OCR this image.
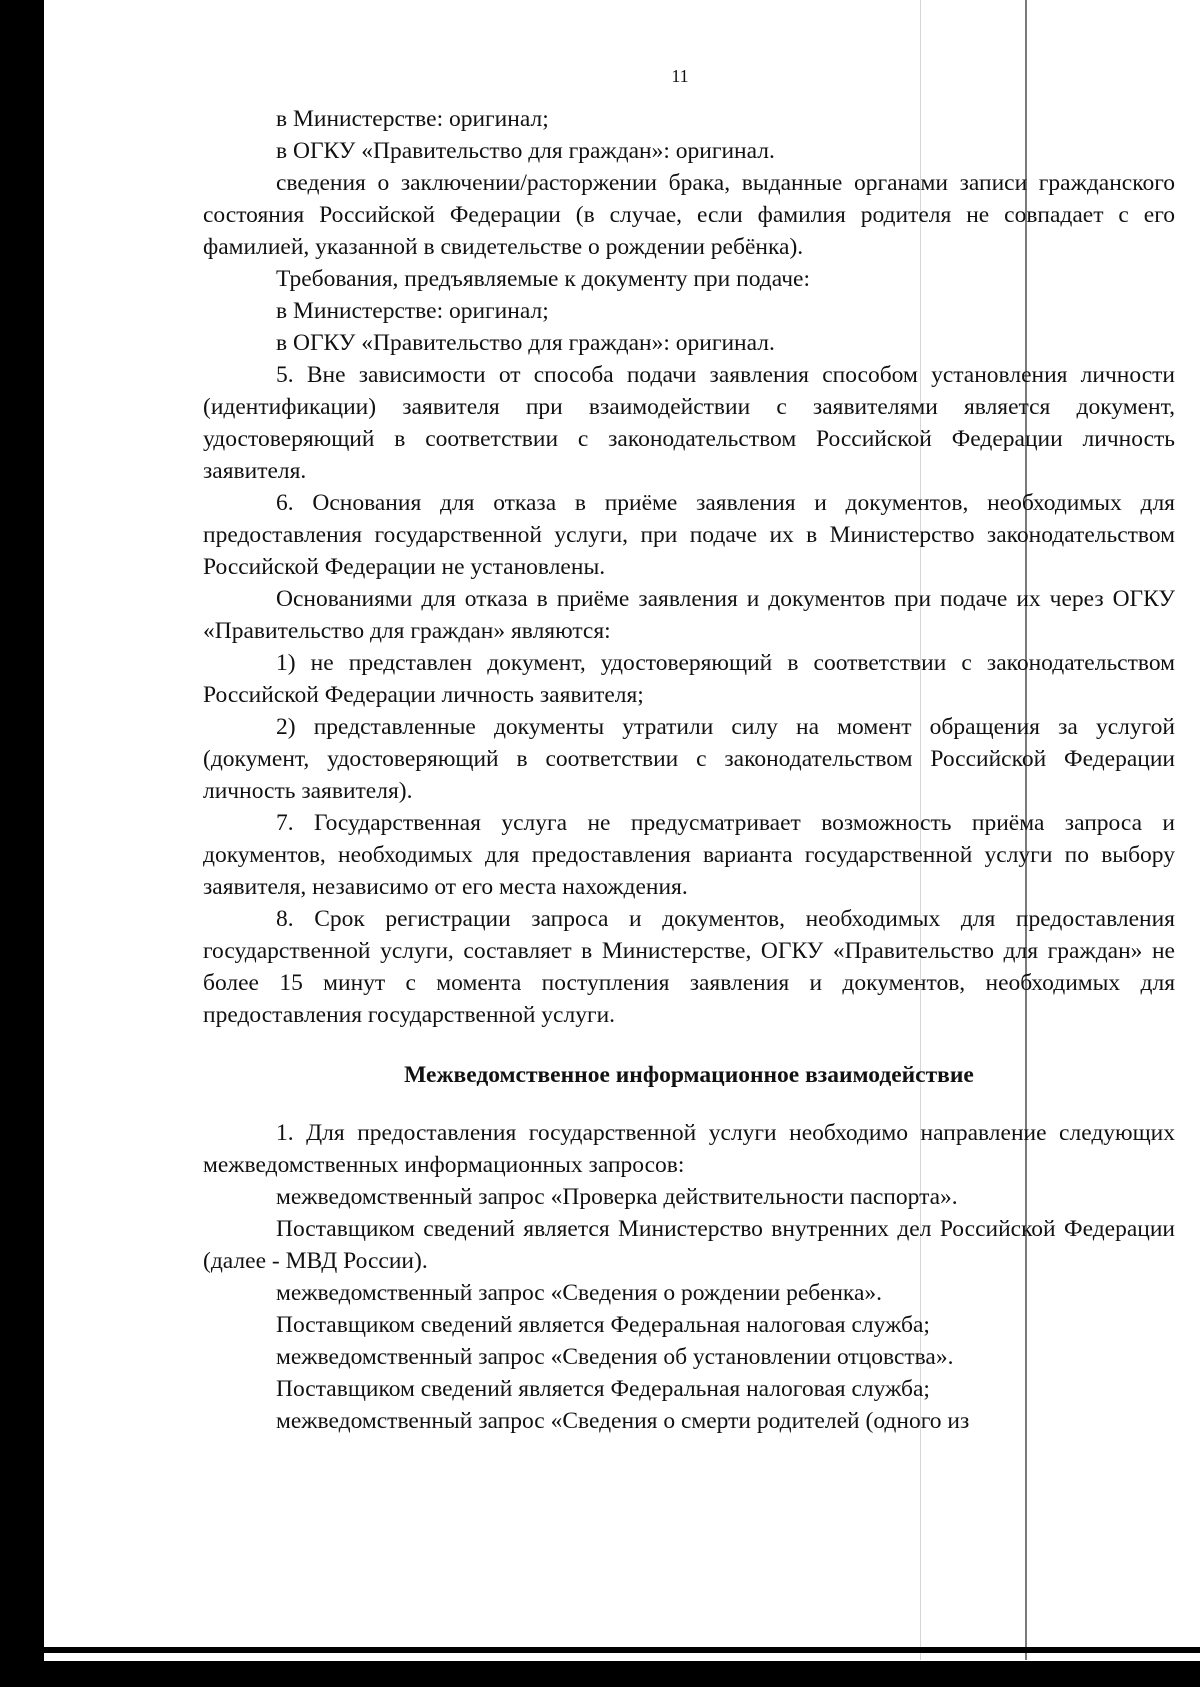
11

в Министерстве: оригинал;

в ОГКУ «Правительство для граждан»: оригинал.

сведения о заключении/расторжении брака, выданные органами записи гражданского состояния Российской Федерации (в случае, если фамилия родителя не совпадает с его фамилией, указанной в свидетельстве о рождении ребёнка).

Требования, предъявляемые к документу при подаче:

в Министерстве: оригинал;

в ОГКУ «Правительство для граждан»: оригинал.

5. Вне зависимости от способа подачи заявления способом установления личности (идентификации) заявителя при взаимодействии с заявителями является документ, удостоверяющий в соответствии с законодательством Российской Федерации личность заявителя.

6. Основания для отказа в приёме заявления и документов, необходимых для предоставления государственной услуги, при подаче их в Министерство законодательством Российской Федерации не установлены.

Основаниями для отказа в приёме заявления и документов при подаче их через ОГКУ «Правительство для граждан» являются:

1) не представлен документ, удостоверяющий в соответствии с законодательством Российской Федерации личность заявителя;

2) представленные документы утратили силу на момент обращения за услугой (документ, удостоверяющий в соответствии с законодательством Российской Федерации личность заявителя).

7. Государственная услуга не предусматривает возможность приёма запроса и документов, необходимых для предоставления варианта государственной услуги по выбору заявителя, независимо от его места нахождения.

8. Срок регистрации запроса и документов, необходимых для предоставления государственной услуги, составляет в Министерстве, ОГКУ «Правительство для граждан» не более 15 минут с момента поступления заявления и документов, необходимых для предоставления государственной услуги.

Межведомственное информационное взаимодействие

1. Для предоставления государственной услуги необходимо направление следующих межведомственных информационных запросов:

межведомственный запрос «Проверка действительности паспорта».

Поставщиком сведений является Министерство внутренних дел Российской Федерации (далее - МВД России).

межведомственный запрос «Сведения о рождении ребенка».

Поставщиком сведений является Федеральная налоговая служба;

межведомственный запрос «Сведения об установлении отцовства».

Поставщиком сведений является Федеральная налоговая служба;

межведомственный запрос «Сведения о смерти родителей (одного из
